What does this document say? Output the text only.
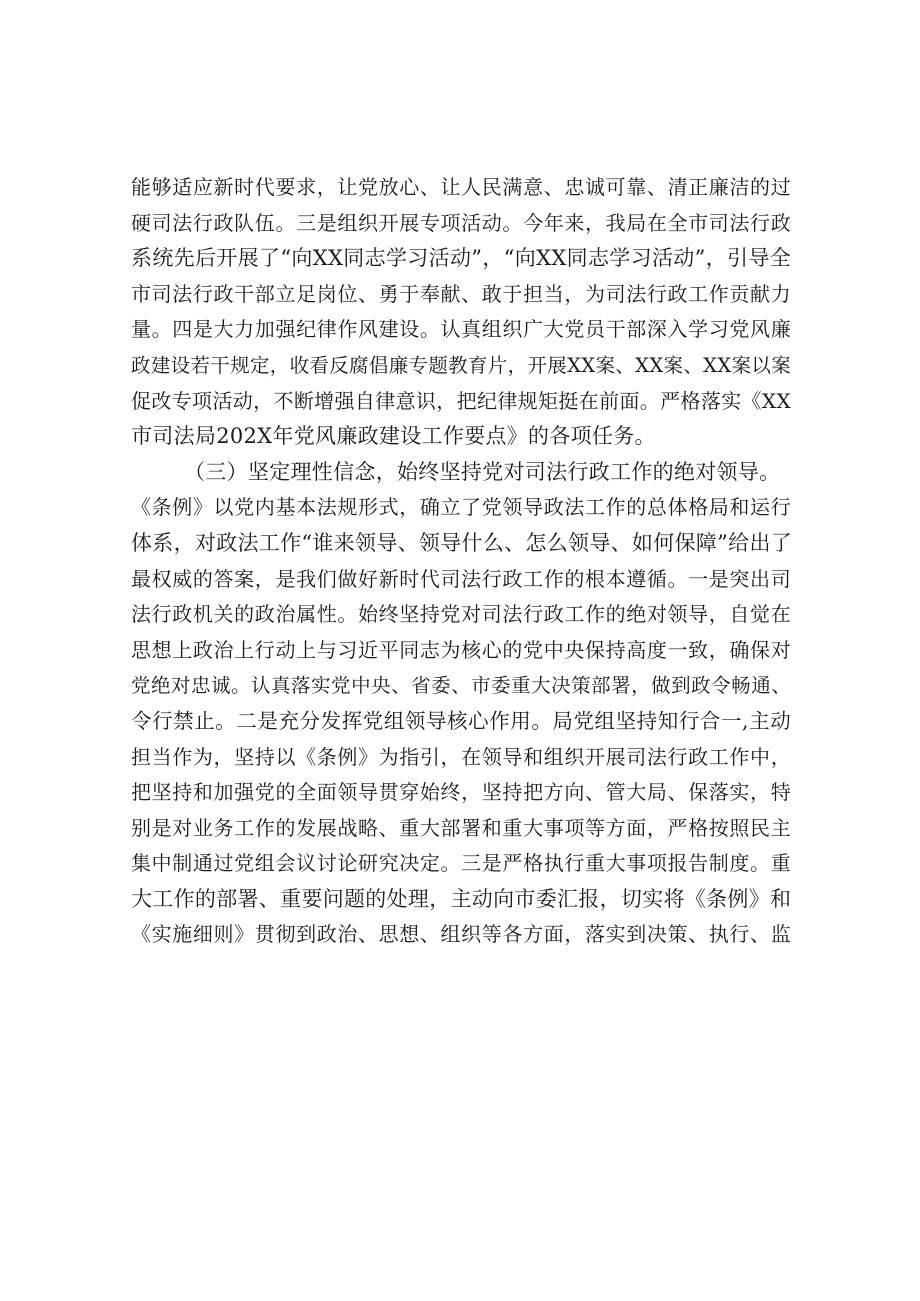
能够适应新时代要求，让党放心、让人民满意、忠诚可靠、清正廉洁的过
硬司法行政队伍。三是组织开展专项活动。今年来，我局在全市司法行政
系统先后开展了“向XX同志学习活动”，“向XX同志学习活动”，引导全
市司法行政干部立足岗位、勇于奉献、敢于担当，为司法行政工作贡献力
量。四是大力加强纪律作风建设。认真组织广大党员干部深入学习党风廉
政建设若干规定，收看反腐倡廉专题教育片，开展XX案、XX案、XX案以案
促改专项活动，不断增强自律意识，把纪律规矩挺在前面。严格落实《XX
市司法局202X年党风廉政建设工作要点》的各项任务。
（三）坚定理性信念，始终坚持党对司法行政工作的绝对领导。
《条例》以党内基本法规形式，确立了党领导政法工作的总体格局和运行
体系，对政法工作“谁来领导、领导什么、怎么领导、如何保障”给出了
最权威的答案，是我们做好新时代司法行政工作的根本遵循。一是突出司
法行政机关的政治属性。始终坚持党对司法行政工作的绝对领导，自觉在
思想上政治上行动上与习近平同志为核心的党中央保持高度一致，确保对
党绝对忠诚。认真落实党中央、省委、市委重大决策部署，做到政令畅通、
令行禁止。二是充分发挥党组领导核心作用。局党组坚持知行合一,主动
担当作为，坚持以《条例》为指引，在领导和组织开展司法行政工作中，
把坚持和加强党的全面领导贯穿始终，坚持把方向、管大局、保落实，特
别是对业务工作的发展战略、重大部署和重大事项等方面，严格按照民主
集中制通过党组会议讨论研究决定。三是严格执行重大事项报告制度。重
大工作的部署、重要问题的处理，主动向市委汇报，切实将《条例》和
《实施细则》贯彻到政治、思想、组织等各方面，落实到决策、执行、监
